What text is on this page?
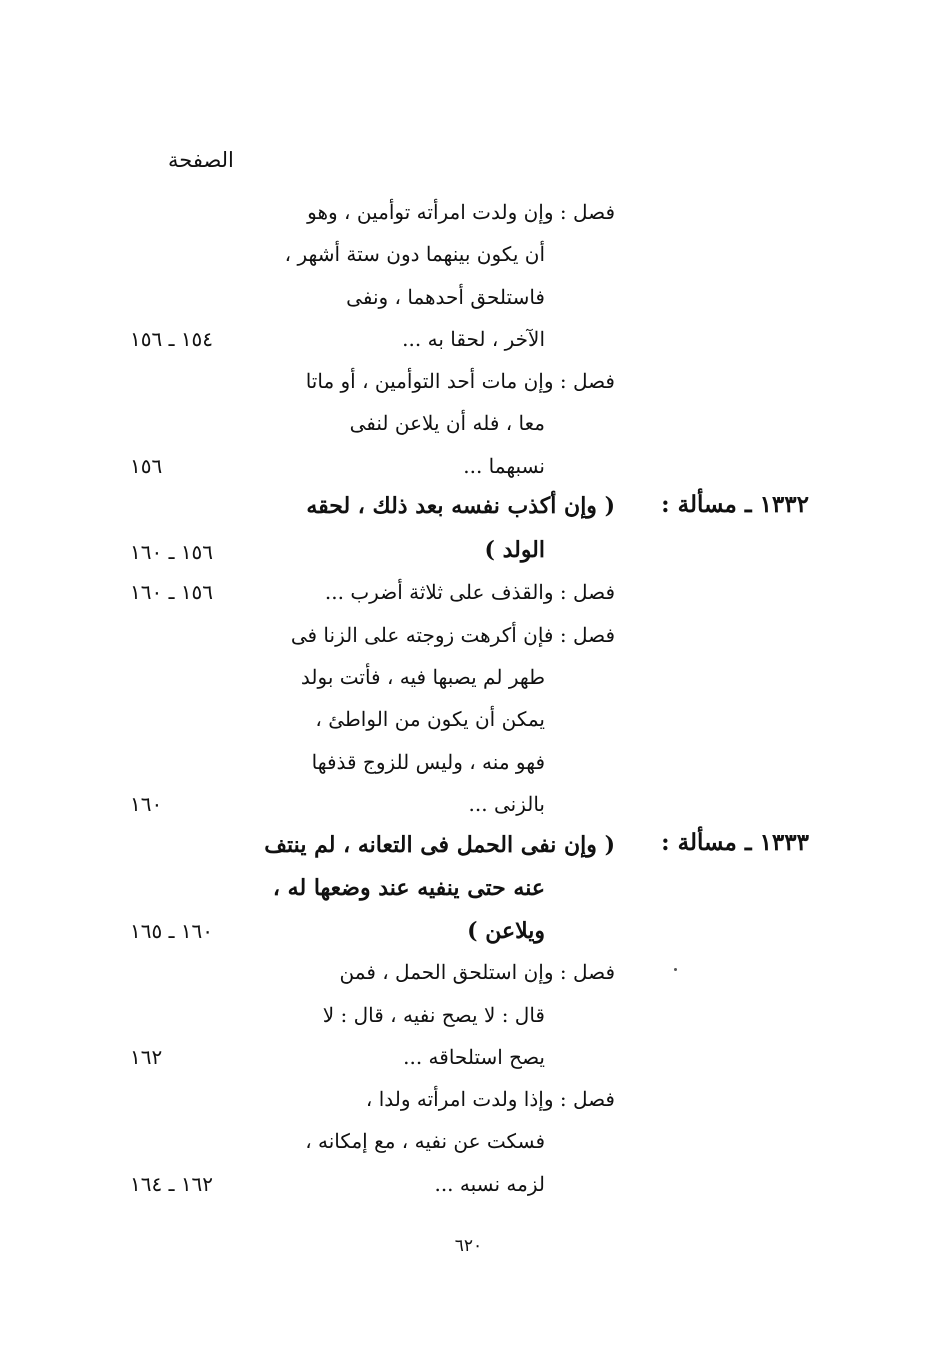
الصفحة
فصل : وإن ولدت امرأته توأمين ، وهو
أن يكون بينهما دون ستة أشهر ،
فاستلحق أحدهما ، ونفى
الآخر ، لحقا به ...
١٥٤ ـ ١٥٦
فصل : وإن مات أحد التوأمين ، أو ماتا
معا ، فله أن يلاعن لنفى
نسبهما ...
١٥٦
١٣٣٢ ـ مسألة :
( وإن أكذب نفسه بعد ذلك ، لحقه
الولد )
١٥٦ ـ ١٦٠
فصل : والقذف على ثلاثة أضرب ...
١٥٦ ـ ١٦٠
فصل : فإن أكرهت زوجته على الزنا فى
طهر لم يصبها فيه ، فأتت بولد
يمكن أن يكون من الواطئ ،
فهو منه ، وليس للزوج قذفها
بالزنى ...
١٦٠
١٣٣٣ ـ مسألة :
( وإن نفى الحمل فى التعانه ، لم ينتف
عنه حتى ينفيه عند وضعها له ،
ويلاعن )
١٦٠ ـ ١٦٥
فصل : وإن استلحق الحمل ، فمن
قال : لا يصح نفيه ، قال : لا
يصح استلحاقه ...
١٦٢
فصل : وإذا ولدت امرأته ولدا ،
فسكت عن نفيه ، مع إمكانه ،
لزمه نسبه ...
١٦٢ ـ ١٦٤
٦٢٠
